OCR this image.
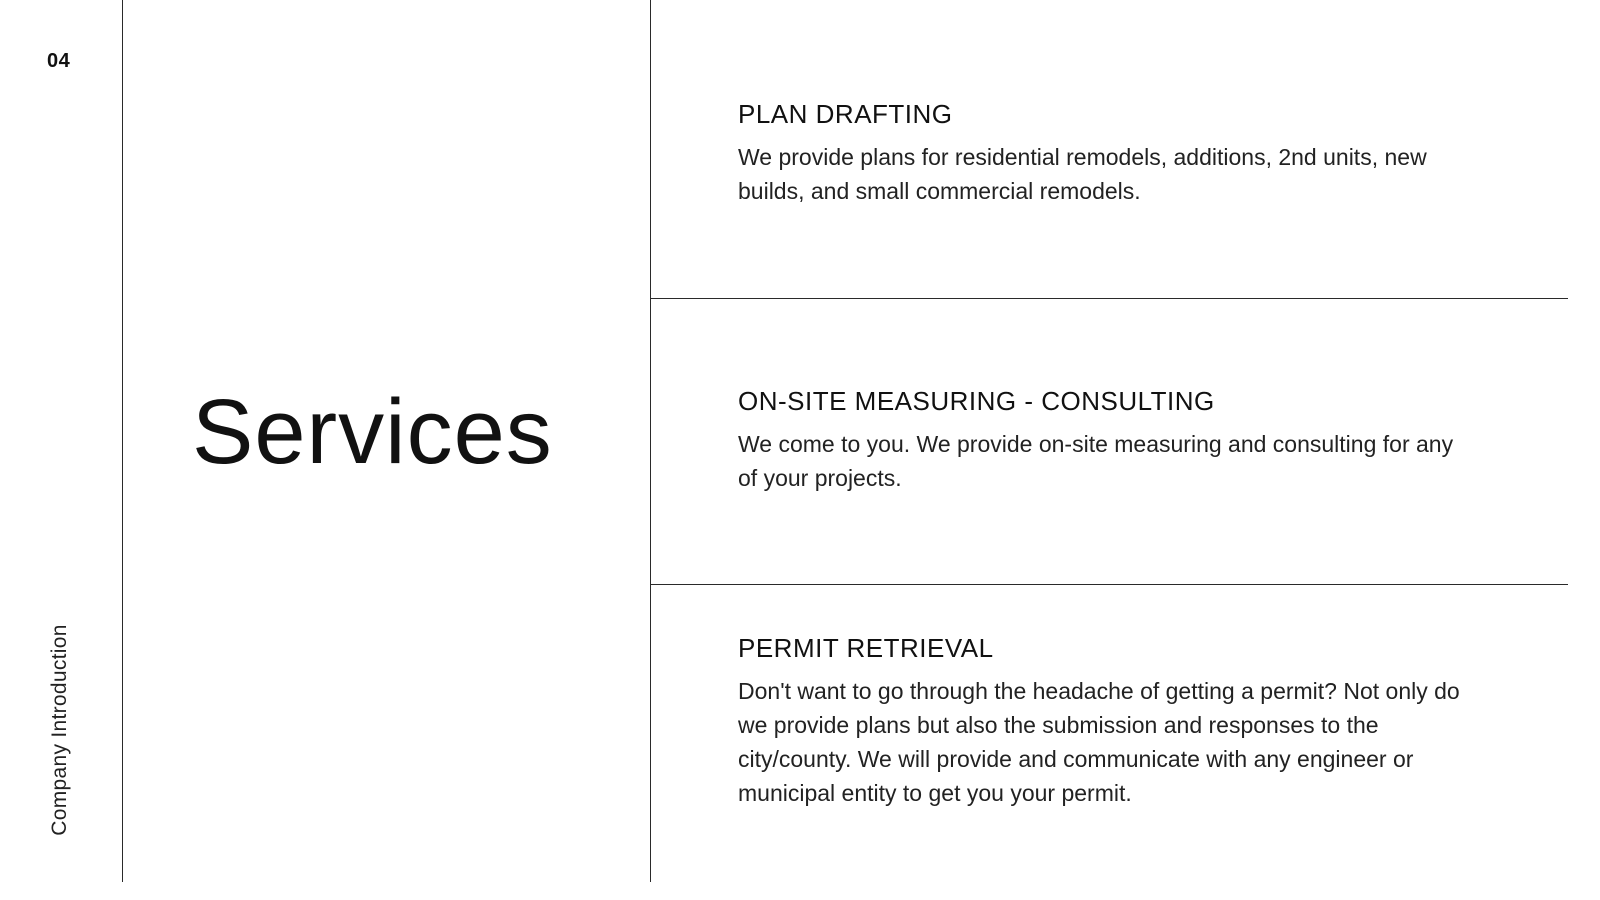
04
Company Introduction
Services
PLAN DRAFTING

We provide plans for residential remodels, additions, 2nd units, new builds, and small commercial remodels.

ON-SITE MEASURING - CONSULTING

We come to you. We provide on-site measuring and consulting for any of your projects.

PERMIT RETRIEVAL

Don't want to go through the headache of getting a permit? Not only do we provide plans but also the submission and responses to the city/county. We will provide and communicate with any engineer or municipal entity to get you your permit.
